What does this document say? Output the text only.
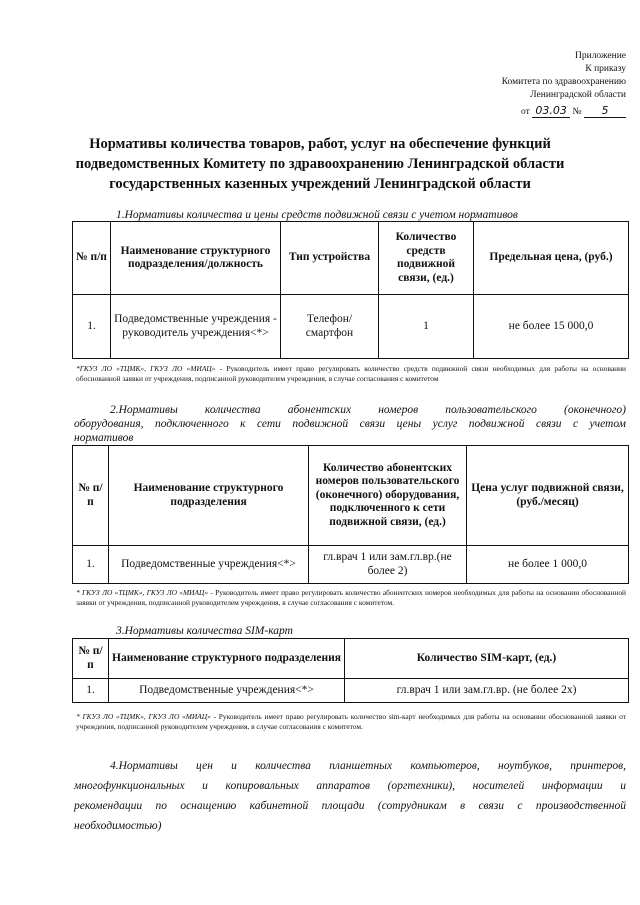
Приложение
К приказу
Комитета по здравоохранению
Ленинградской области
от 03.03 № 5
Нормативы количества товаров, работ, услуг на обеспечение функций
подведомственных Комитету по здравоохранению Ленинградской области
государственных казенных учреждений Ленинградской области
1.Нормативы количества и цены средств подвижной связи с учетом нормативов
№ п/п	Наименование структурного подразделения/должность	Тип устройства	Количество средств подвижной связи, (ед.)	Предельная цена, (руб.)
1.	Подведомственные учреждения - руководитель учреждения<*>	Телефон/ смартфон	1	не более 15 000,0
*ГКУЗ ЛО «ТЦМК», ГКУЗ ЛО «МИАЦ» - Руководитель имеет право регулировать количество средств подвижной связи необходимых для работы на основании обоснованной заявки от учреждения, подписанной руководителем учреждения, в случае согласования с комитетом
2.Нормативы количества абонентских номеров пользовательского (оконечного)
оборудования, подключенного к сети подвижной связи цены услуг подвижной связи с учетом
нормативов
№ п/п	Наименование структурного подразделения	Количество абонентских номеров пользовательского (оконечного) оборудования, подключенного к сети подвижной связи, (ед.)	Цена услуг подвижной связи, (руб./месяц)
1.	Подведомственные учреждения<*>	гл.врач 1 или зам.гл.вр.(не более 2)	не более 1 000,0
* ГКУЗ ЛО «ТЦМК», ГКУЗ ЛО «МИАЦ» - Руководитель имеет право регулировать количество абонентских номеров необходимых для работы на основании обоснованной заявки от учреждения, подписанной руководителем учреждения, в случае согласования с комитетом.
3.Нормативы количества SIM-карт
№ п/п	Наименование структурного подразделения	Количество SIM-карт, (ед.)
1.	Подведомственные учреждения<*>	гл.врач 1 или зам.гл.вр. (не более 2х)
* ГКУЗ ЛО «ТЦМК», ГКУЗ ЛО «МИАЦ» - Руководитель имеет право регулировать количество sim-карт необходимых для работы на основании обоснованной заявки от учреждения, подписанной руководителем учреждения, в случае согласования с комитетом.
4.Нормативы цен и количества планшетных компьютеров, ноутбуков, принтеров,
многофункциональных и копировальных аппаратов (оргтехники), носителей информации и
рекомендации по оснащению кабинетной площади (сотрудникам в связи с производственной
необходимостью)
